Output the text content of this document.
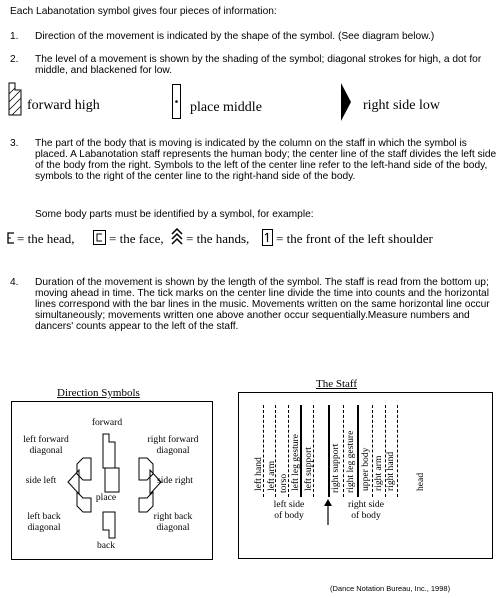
Each Labanotation symbol gives four pieces of information:
1. Direction of the movement is indicated by the shape of the symbol. (See diagram below.)
2. The level of a movement is shown by the shading of the symbol; diagonal strokes for high, a dot for middle, and blackened for low.
forward high	place middle	right side low
3. The part of the body that is moving is indicated by the column on the staff in which the symbol is placed. A Labanotation staff represents the human body; the center line of the staff divides the left side of the body from the right. Symbols to the left of the center line refer to the left-hand side of the body, symbols to the right of the center line to the right-hand side of the body.
Some body parts must be identified by a symbol, for example:
= the head,	= the face, = the hands, = the front of the left shoulder
4. Duration of the movement is shown by the length of the symbol. The staff is read from the bottom up; moving ahead in time. The tick marks on the center line divide the time into counts and the horizontal lines correspond with the bar lines in the music. Movements written on the same horizontal line occur simultaneously; movements written one above another occur sequentially.Measure numbers and dancers' counts appear to the left of the staff.
Direction Symbols
forward
left forward
diagonal
right forward
diagonal
side left	side right
left back
diagonal
right back
diagonal
back
place
The Staff
left hand left arm torso left leg gesture left support right support right leg gesture upper body right arm right hand head
left side
of body
right side
of body
(Dance Notation Bureau, Inc., 1998)
